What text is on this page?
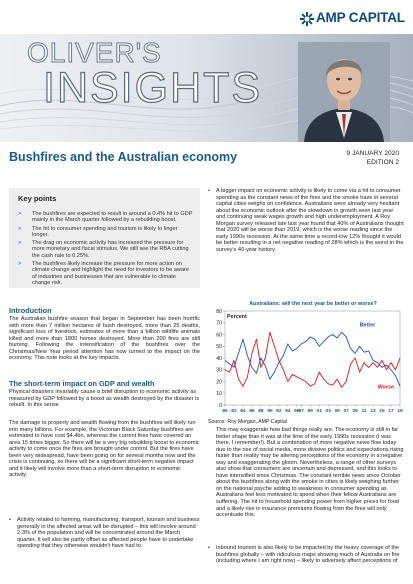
AMP CAPITAL
OLIVER'S
INSIGHTS
Bushfires and the Australian economy	9 JANUARY 2020
EDITION 2
Key points
> The bushfires are expected to result in around a 0.4% hit to GDP mainly in the March quarter followed by a rebuilding boost.
> The hit to consumer spending and tourism is likely to linger longer.
> The drag on economic activity has increased the pressure for more monetary and fiscal stimulus. We still see the RBA cutting the cash rate to 0.25%.
> The bushfires likely increase the pressure for more action on climate change and highlight the need for investors to be aware of industries and businesses that are vulnerable to climate change risk.
Introduction
The Australian bushfire season that began in September has been horrific with more than 7 million hectares of bush destroyed, more than 25 deaths, significant loss of livestock, estimates of more than a billion wildlife animals killed and more than 1800 homes destroyed. More than 200 fires are still burning. Following the intensification of the bushfires over the Christmas/New Year period attention has now turned to the impact on the economy. This note looks at the key impacts.
The short-term impact on GDP and wealth
Physical disasters invariably cause a brief disruption to economic activity as measured by GDP followed by a boost as wealth destroyed by the disaster is rebuilt. In this sense
The damage to property and wealth flowing from the bushfires will likely run into many billions. For example, the Victorian Black Saturday bushfires are estimated to have cost $4.4bn, whereas the current fires have covered an area 15 times bigger. So there will be a very big rebuilding boost to economic activity to come once the fires are brought under control. But the fires have been very widespread, have been going on for several months now and the crisis is continuing, so there will be a significant short-term negative impact and it likely will involve more than a short-term disruption to economic activity.
• Activity related to farming, manufacturing, transport, tourism and business generally in the affected areas will be disrupted – this will involve around 2-3% of the population and will be concentrated around the March quarter. It will also be partly offset as affected people have to undertake spending that they otherwise wouldn't have had to.
• A bigger impact on economic activity is likely to come via a hit to consumer spending as the constant news of the fires and the smoke haze in several capital cities weighs on confidence. Australians were already very hesitant about the economic outlook after the slowdown in growth seen last year and continuing weak wages growth and high underemployment. A Roy Morgan survey released late last year found that 40% of Australians thought that 2020 will be worse than 2019, which is the worse reading since the early 1990s recession. At the same time a record-low 12% thought it would be better resulting in a net negative reading of 28% which is the worst in the survey's 40-year history.
Australians: will the next year be better or worse?
0
10
20
30
40
50
60
70
80
80 82 84 86 88 90 92 94 96 97 99 01 03 05 07 09 11 13 15 17 19
Percent
Better
Worse
Source: Roy Morgan, AMP Capital
This may exaggerate how bad things really are. The economy is still in far better shape than it was at the time of the early 1990s recession (I was there, I remember!). But a combination of more negative news flow today due to the rise of social media, more divisive politics and expectations rising faster than reality may be altering perceptions of the economy in a negative way and exaggerating the gloom. Nevertheless, a range of other surveys also show that consumers are uncertain and depressed, and this looks to have intensified since Christmas. The constant terrible news since October about the bushfires along with the smoke in cities is likely weighing further on the national psyche adding to weakness in consumer spending as Australians feel less motivated to spend when their fellow Australians are suffering. The hit to household spending power from higher prices for food and a likely rise in insurance premiums flowing from the fires will only accentuate this.
• Inbound tourism is also likely to be impacted by the heavy coverage of the bushfires globally – with ridiculous maps showing much of Australia on fire (including where I am right now) – likely to adversely affect perceptions of
